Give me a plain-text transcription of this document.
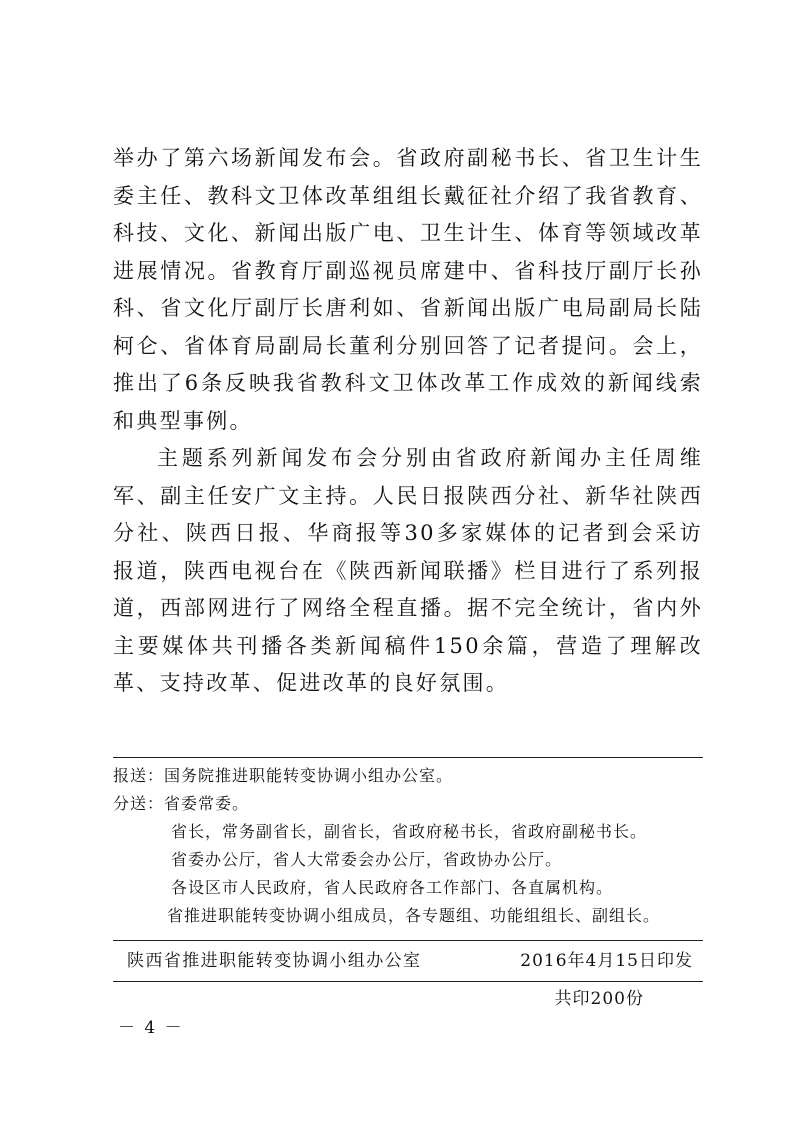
举办了第六场新闻发布会。省政府副秘书长、省卫生计生委主任、教科文卫体改革组组长戴征社介绍了我省教育、科技、文化、新闻出版广电、卫生计生、体育等领域改革进展情况。省教育厅副巡视员席建中、省科技厅副厅长孙科、省文化厅副厅长唐利如、省新闻出版广电局副局长陆柯仑、省体育局副局长董利分别回答了记者提问。会上，推出了6条反映我省教科文卫体改革工作成效的新闻线索和典型事例。

主题系列新闻发布会分别由省政府新闻办主任周维军、副主任安广文主持。人民日报陕西分社、新华社陕西分社、陕西日报、华商报等30多家媒体的记者到会采访报道，陕西电视台在《陕西新闻联播》栏目进行了系列报道，西部网进行了网络全程直播。据不完全统计，省内外主要媒体共刊播各类新闻稿件150余篇，营造了理解改革、支持改革、促进改革的良好氛围。

报送：国务院推进职能转变协调小组办公室。
分送：省委常委。
省长，常务副省长，副省长，省政府秘书长，省政府副秘书长。
省委办公厅，省人大常委会办公厅，省政协办公厅。
各设区市人民政府，省人民政府各工作部门、各直属机构。
省推进职能转变协调小组成员，各专题组、功能组组长、副组长。
陕西省推进职能转变协调小组办公室	2016年4月15日印发
共印200份
－ 4 －
